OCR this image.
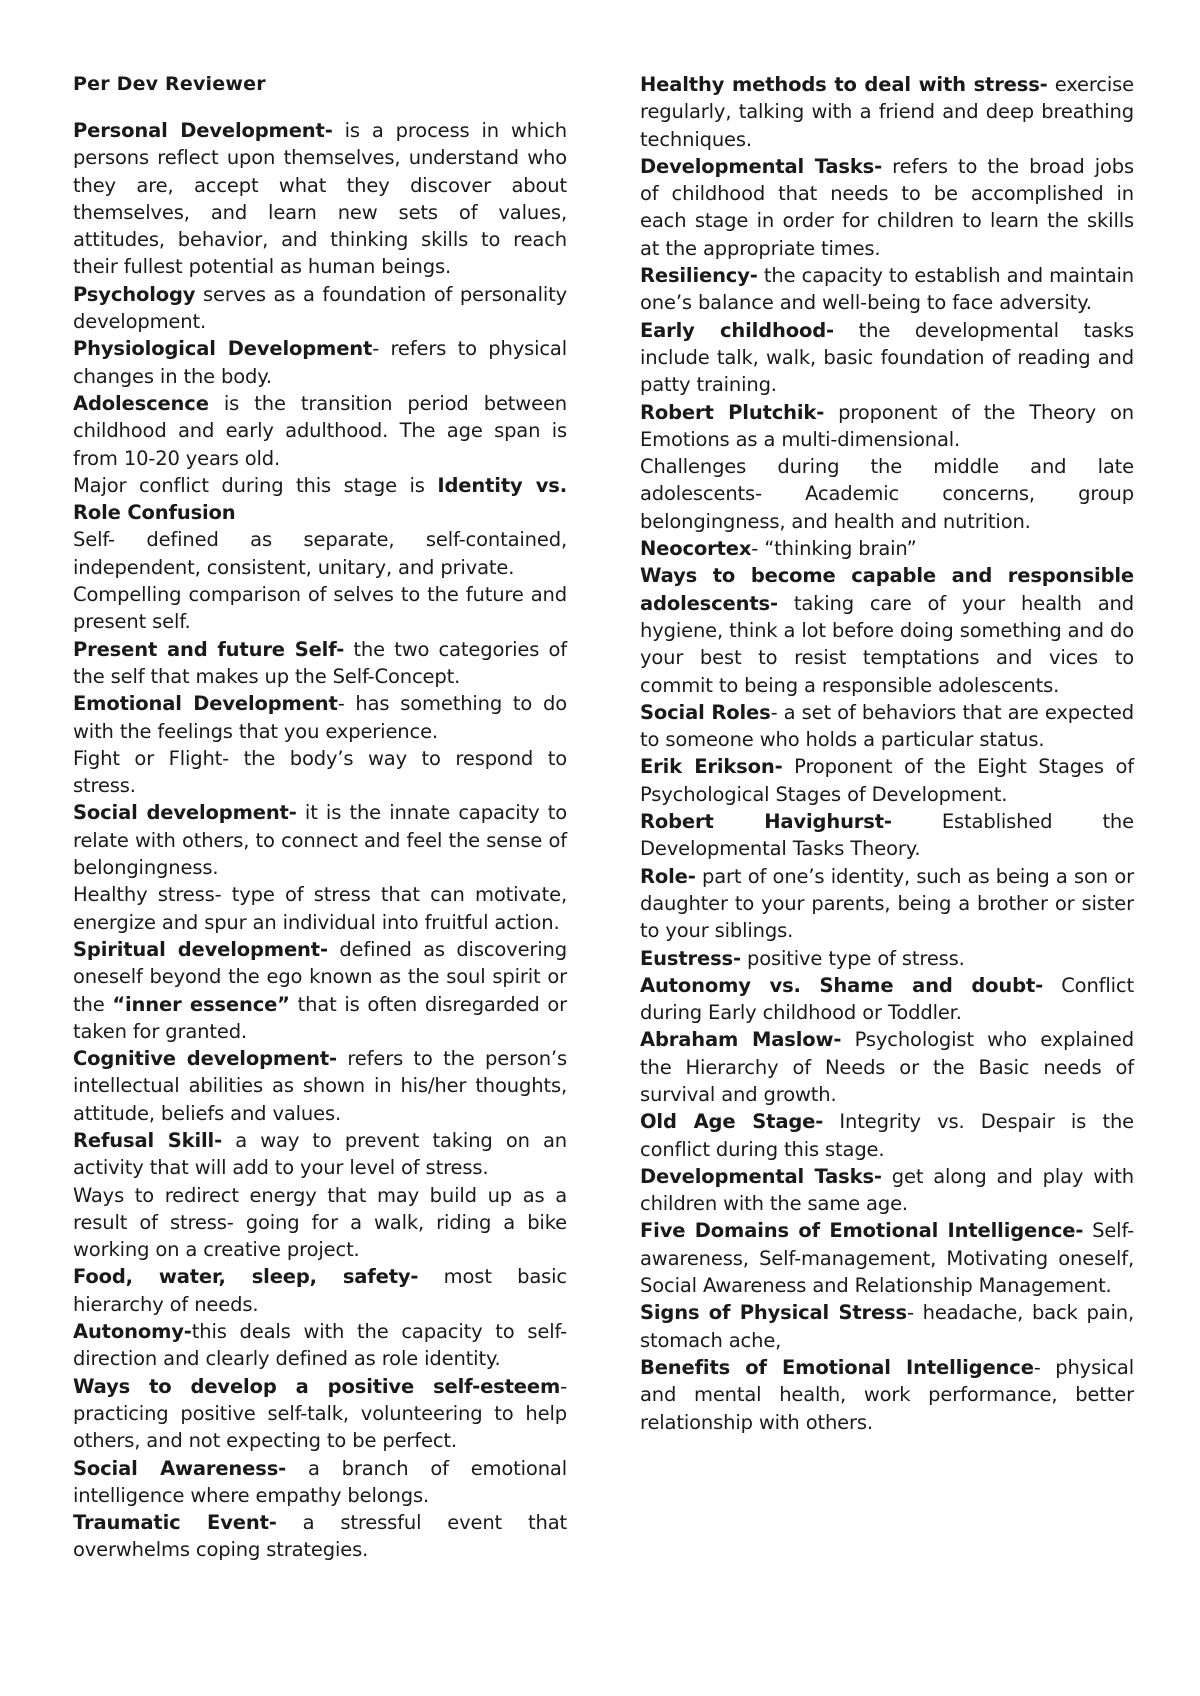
Per Dev Reviewer

Personal Development- is a process in which persons reflect upon themselves, understand who they are, accept what they discover about themselves, and learn new sets of values, attitudes, behavior, and thinking skills to reach their fullest potential as human beings.

Psychology serves as a foundation of personality development.

Physiological Development- refers to physical changes in the body.

Adolescence is the transition period between childhood and early adulthood. The age span is from 10-20 years old.

Major conflict during this stage is Identity vs. Role Confusion

Self- defined as separate, self-contained, independent, consistent, unitary, and private.

Compelling comparison of selves to the future and present self.

Present and future Self- the two categories of the self that makes up the Self-Concept.

Emotional Development- has something to do with the feelings that you experience.

Fight or Flight- the body’s way to respond to stress.

Social development- it is the innate capacity to relate with others, to connect and feel the sense of belongingness.

Healthy stress- type of stress that can motivate, energize and spur an individual into fruitful action.

Spiritual development- defined as discovering oneself beyond the ego known as the soul spirit or the “inner essence” that is often disregarded or taken for granted.

Cognitive development- refers to the person’s intellectual abilities as shown in his/her thoughts, attitude, beliefs and values.

Refusal Skill- a way to prevent taking on an activity that will add to your level of stress.

Ways to redirect energy that may build up as a result of stress- going for a walk, riding a bike working on a creative project.

Food, water, sleep, safety- most basic hierarchy of needs.

Autonomy-this deals with the capacity to self-direction and clearly defined as role identity.

Ways to develop a positive self-esteem- practicing positive self-talk, volunteering to help others, and not expecting to be perfect.

Social Awareness- a branch of emotional intelligence where empathy belongs.

Traumatic Event- a stressful event that overwhelms coping strategies.

Healthy methods to deal with stress- exercise regularly, talking with a friend and deep breathing techniques.

Developmental Tasks- refers to the broad jobs of childhood that needs to be accomplished in each stage in order for children to learn the skills at the appropriate times.

Resiliency- the capacity to establish and maintain one’s balance and well-being to face adversity.

Early childhood- the developmental tasks include talk, walk, basic foundation of reading and patty training.

Robert Plutchik- proponent of the Theory on Emotions as a multi-dimensional.

Challenges during the middle and late adolescents- Academic concerns, group belongingness, and health and nutrition.

Neocortex- “thinking brain”

Ways to become capable and responsible adolescents- taking care of your health and hygiene, think a lot before doing something and do your best to resist temptations and vices to commit to being a responsible adolescents.

Social Roles- a set of behaviors that are expected to someone who holds a particular status.

Erik Erikson- Proponent of the Eight Stages of Psychological Stages of Development.

Robert Havighurst- Established the Developmental Tasks Theory.

Role- part of one’s identity, such as being a son or daughter to your parents, being a brother or sister to your siblings.

Eustress- positive type of stress.

Autonomy vs. Shame and doubt- Conflict during Early childhood or Toddler.

Abraham Maslow- Psychologist who explained the Hierarchy of Needs or the Basic needs of survival and growth.

Old Age Stage- Integrity vs. Despair is the conflict during this stage.

Developmental Tasks- get along and play with children with the same age.

Five Domains of Emotional Intelligence- Self-awareness, Self-management, Motivating oneself, Social Awareness and Relationship Management.

Signs of Physical Stress- headache, back pain, stomach ache,

Benefits of Emotional Intelligence- physical and mental health, work performance, better relationship with others.
